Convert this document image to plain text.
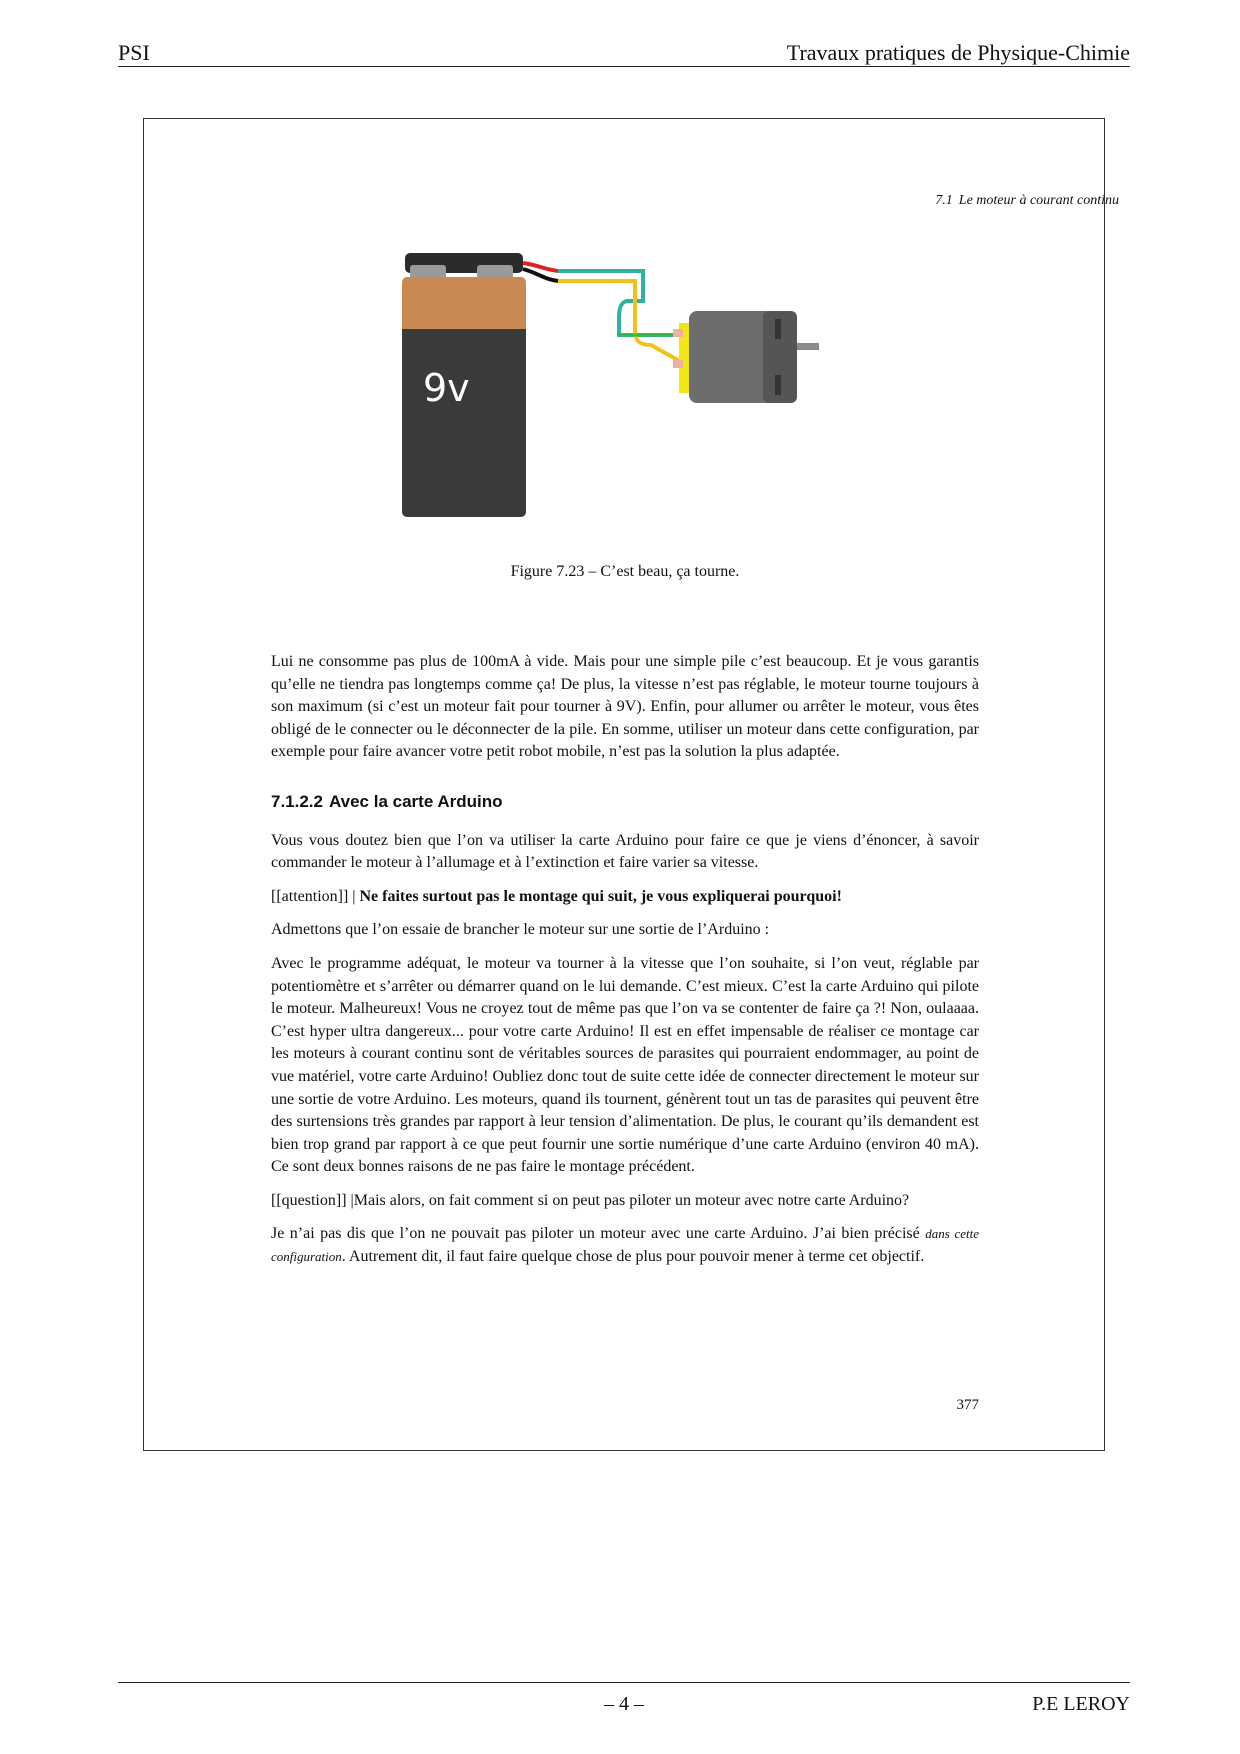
PSI	Travaux pratiques de Physique-Chimie
7.1 Le moteur à courant continu
9v
Figure 7.23 – C’est beau, ça tourne.

Lui ne consomme pas plus de 100mA à vide. Mais pour une simple pile c’est beaucoup. Et je vous garantis qu’elle ne tiendra pas longtemps comme ça! De plus, la vitesse n’est pas réglable, le moteur tourne toujours à son maximum (si c’est un moteur fait pour tourner à 9V). Enfin, pour allumer ou arrêter le moteur, vous êtes obligé de le connecter ou le déconnecter de la pile. En somme, utiliser un moteur dans cette configuration, par exemple pour faire avancer votre petit robot mobile, n’est pas la solution la plus adaptée.

7.1.2.2 Avec la carte Arduino

Vous vous doutez bien que l’on va utiliser la carte Arduino pour faire ce que je viens d’énoncer, à savoir commander le moteur à l’allumage et à l’extinction et faire varier sa vitesse.

[[attention]] | Ne faites surtout pas le montage qui suit, je vous expliquerai pourquoi!

Admettons que l’on essaie de brancher le moteur sur une sortie de l’Arduino :

Avec le programme adéquat, le moteur va tourner à la vitesse que l’on souhaite, si l’on veut, réglable par potentiomètre et s’arrêter ou démarrer quand on le lui demande. C’est mieux. C’est la carte Arduino qui pilote le moteur. Malheureux! Vous ne croyez tout de même pas que l’on va se contenter de faire ça ?! Non, oulaaaa. C’est hyper ultra dangereux... pour votre carte Arduino! Il est en effet impensable de réaliser ce montage car les moteurs à courant continu sont de véritables sources de parasites qui pourraient endommager, au point de vue matériel, votre carte Arduino! Oubliez donc tout de suite cette idée de connecter directement le moteur sur une sortie de votre Arduino. Les moteurs, quand ils tournent, génèrent tout un tas de parasites qui peuvent être des surtensions très grandes par rapport à leur tension d’alimentation. De plus, le courant qu’ils demandent est bien trop grand par rapport à ce que peut fournir une sortie numérique d’une carte Arduino (environ 40 mA). Ce sont deux bonnes raisons de ne pas faire le montage précédent.

[[question]] |Mais alors, on fait comment si on peut pas piloter un moteur avec notre carte Arduino?

Je n’ai pas dis que l’on ne pouvait pas piloter un moteur avec une carte Arduino. J’ai bien précisé dans cette configuration. Autrement dit, il faut faire quelque chose de plus pour pouvoir mener à terme cet objectif.

377
– 4 –	P.E LEROY
